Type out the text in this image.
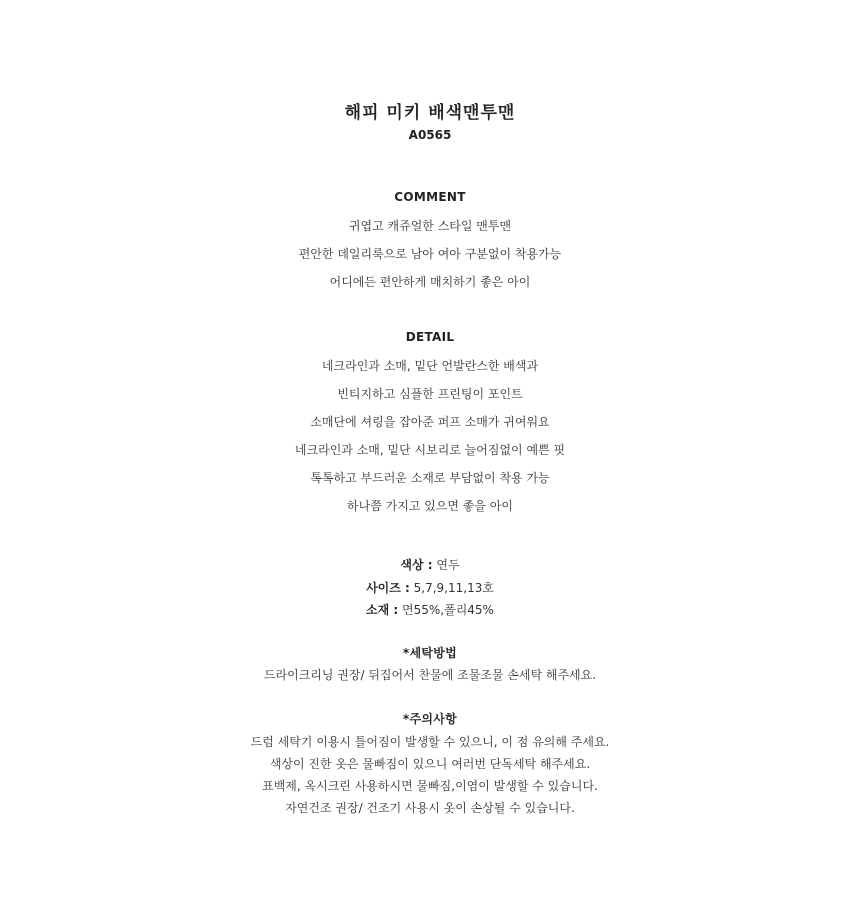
해피 미키 배색맨투맨
A0565
COMMENT
귀엽고 캐쥬얼한 스타일 맨투맨
편안한 데일리룩으로 남아 여아 구분없이 착용가능
어디에든 편안하게 매치하기 좋은 아이
DETAIL
네크라인과 소매, 밑단 언발란스한 배색과
빈티지하고 심플한 프린팅이 포인트
소매단에 셔링을 잡아준 퍼프 소매가 귀여워요
네크라인과 소매, 밑단 시보리로 늘어짐없이 예쁜 핏
톡톡하고 부드러운 소재로 부담없이 착용 가능
하나쯤 가지고 있으면 좋을 아이
색상 : 연두
사이즈 : 5,7,9,11,13호
소재 : 면55%,폴리45%
*세탁방법
드라이크리닝 권장/ 뒤집어서 찬물에 조물조물 손세탁 해주세요.
*주의사항
드럼 세탁기 이용시 틀어짐이 발생할 수 있으니, 이 점 유의해 주세요.
색상이 진한 옷은 물빠짐이 있으니 여러번 단독세탁 해주세요.
표백제, 옥시크린 사용하시면 물빠짐,이염이 발생할 수 있습니다.
자연건조 권장/ 건조기 사용시 옷이 손상될 수 있습니다.
